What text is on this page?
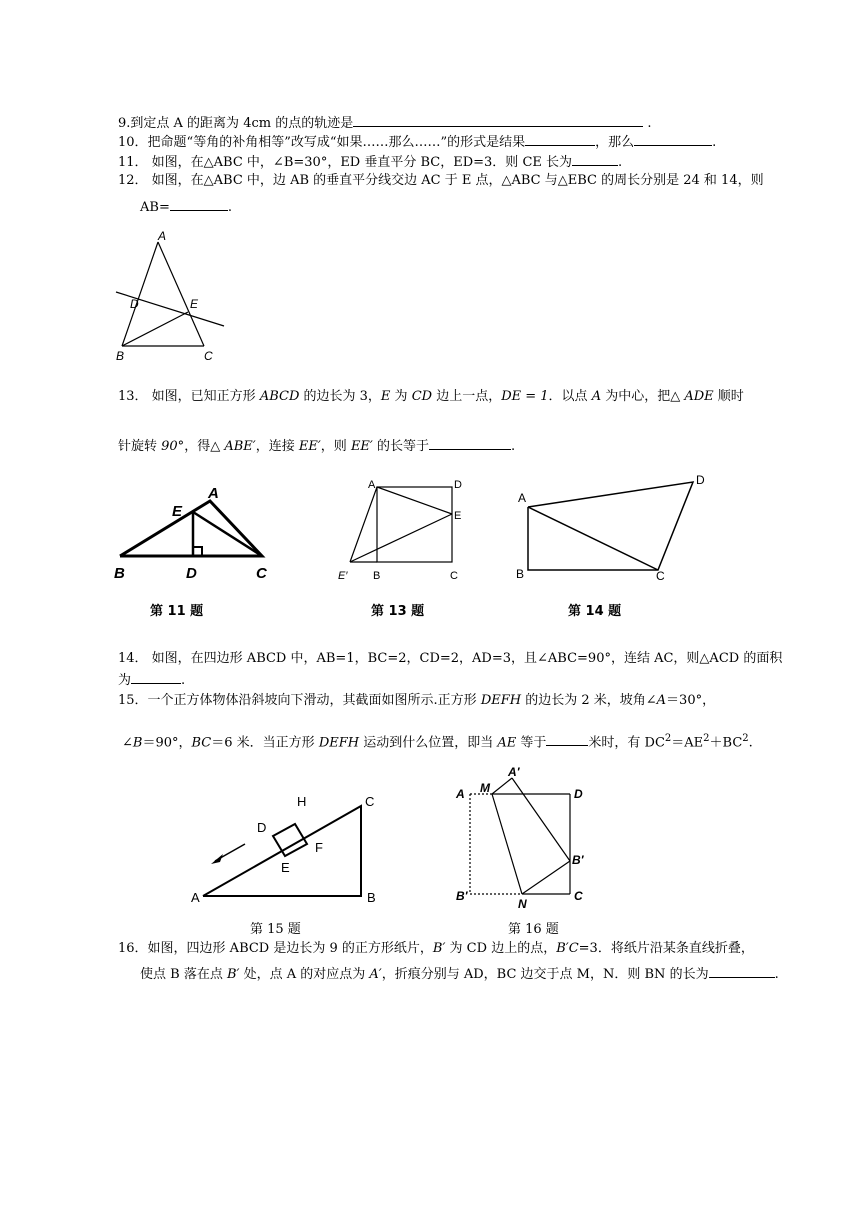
9.到定点 A 的距离为 4cm 的点的轨迹是	.
10．把命题“等角的补角相等”改写成“如果……那么……”的形式是结果	，那么	.
11． 如图，在△ABC 中，∠B=30°，ED 垂直平分 BC，ED=3．则 CE 长为	.
12． 如图，在△ABC 中，边 AB 的垂直平分线交边 AC 于 E 点，△ABC 与△EBC 的周长分别是 24 和 14，则
AB=	.
A
D	E
B	C
13． 如图，已知正方形 ABCD 的边长为 3，E 为 CD 边上一点，DE = 1．以点 A 为中心，把△ ADE 顺时
针旋转 90°，得△ ABE′，连接 EE′，则 EE′ 的长等于	.
A
E
B	D	C
第 11 题
A	D
E
E′ B	C
第 13 题
A
D
B	C
第 14 题
14． 如图，在四边形 ABCD 中，AB=1，BC=2，CD=2，AD=3，且∠ABC=90°，连结 AC，则△ACD 的面积
为	.
15．一个正方体物体沿斜坡向下滑动，其截面如图所示.正方形 DEFH 的边长为 2 米，坡角∠A＝30°，
∠B＝90°，BC＝6 米．当正方形 DEFH 运动到什么位置，即当 AE 等于	米时，有 $DC^2=AE^2+BC^2$.
A	B
C
D
H
E
F
第 15 题
A M
A′
D
B′
B′
N
C
第 16 题
16．如图，四边形 ABCD 是边长为 9 的正方形纸片，B′ 为 CD 边上的点，B′C=3．将纸片沿某条直线折叠，
使点 B 落在点 B′ 处，点 A 的对应点为 A′，折痕分别与 AD，BC 边交于点 M，N．则 BN 的长为	.
